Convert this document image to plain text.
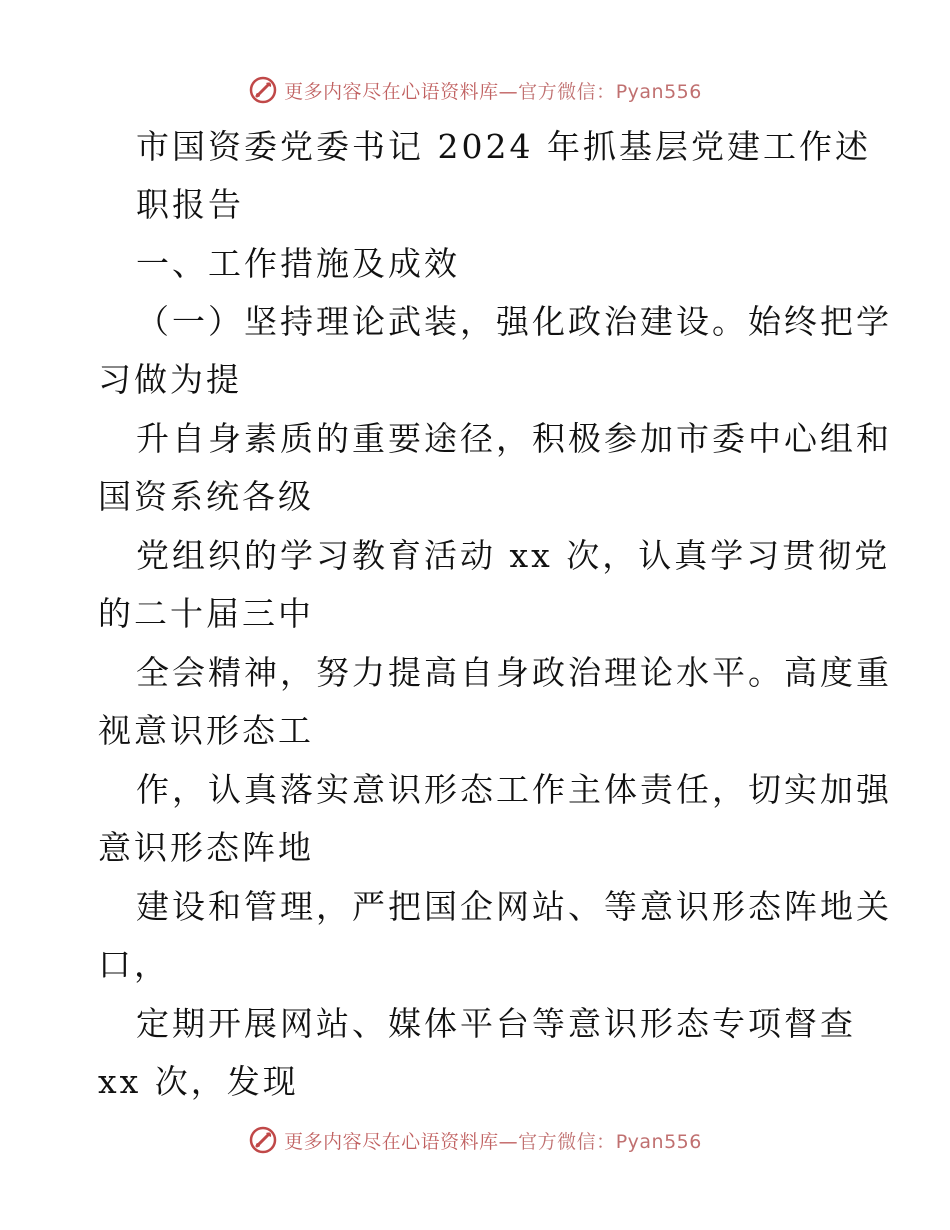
更多内容尽在心语资料库—官方微信：Pyan556
市国资委党委书记 2024 年抓基层党建工作述
职报告
一、工作措施及成效
（一）坚持理论武装，强化政治建设。始终把学
习做为提
升自身素质的重要途径，积极参加市委中心组和
国资系统各级
党组织的学习教育活动 xx 次，认真学习贯彻党
的二十届三中
全会精神，努力提高自身政治理论水平。高度重
视意识形态工
作，认真落实意识形态工作主体责任，切实加强
意识形态阵地
建设和管理，严把国企网站、等意识形态阵地关
口，
定期开展网站、媒体平台等意识形态专项督查
xx 次，发现
更多内容尽在心语资料库—官方微信：Pyan556
